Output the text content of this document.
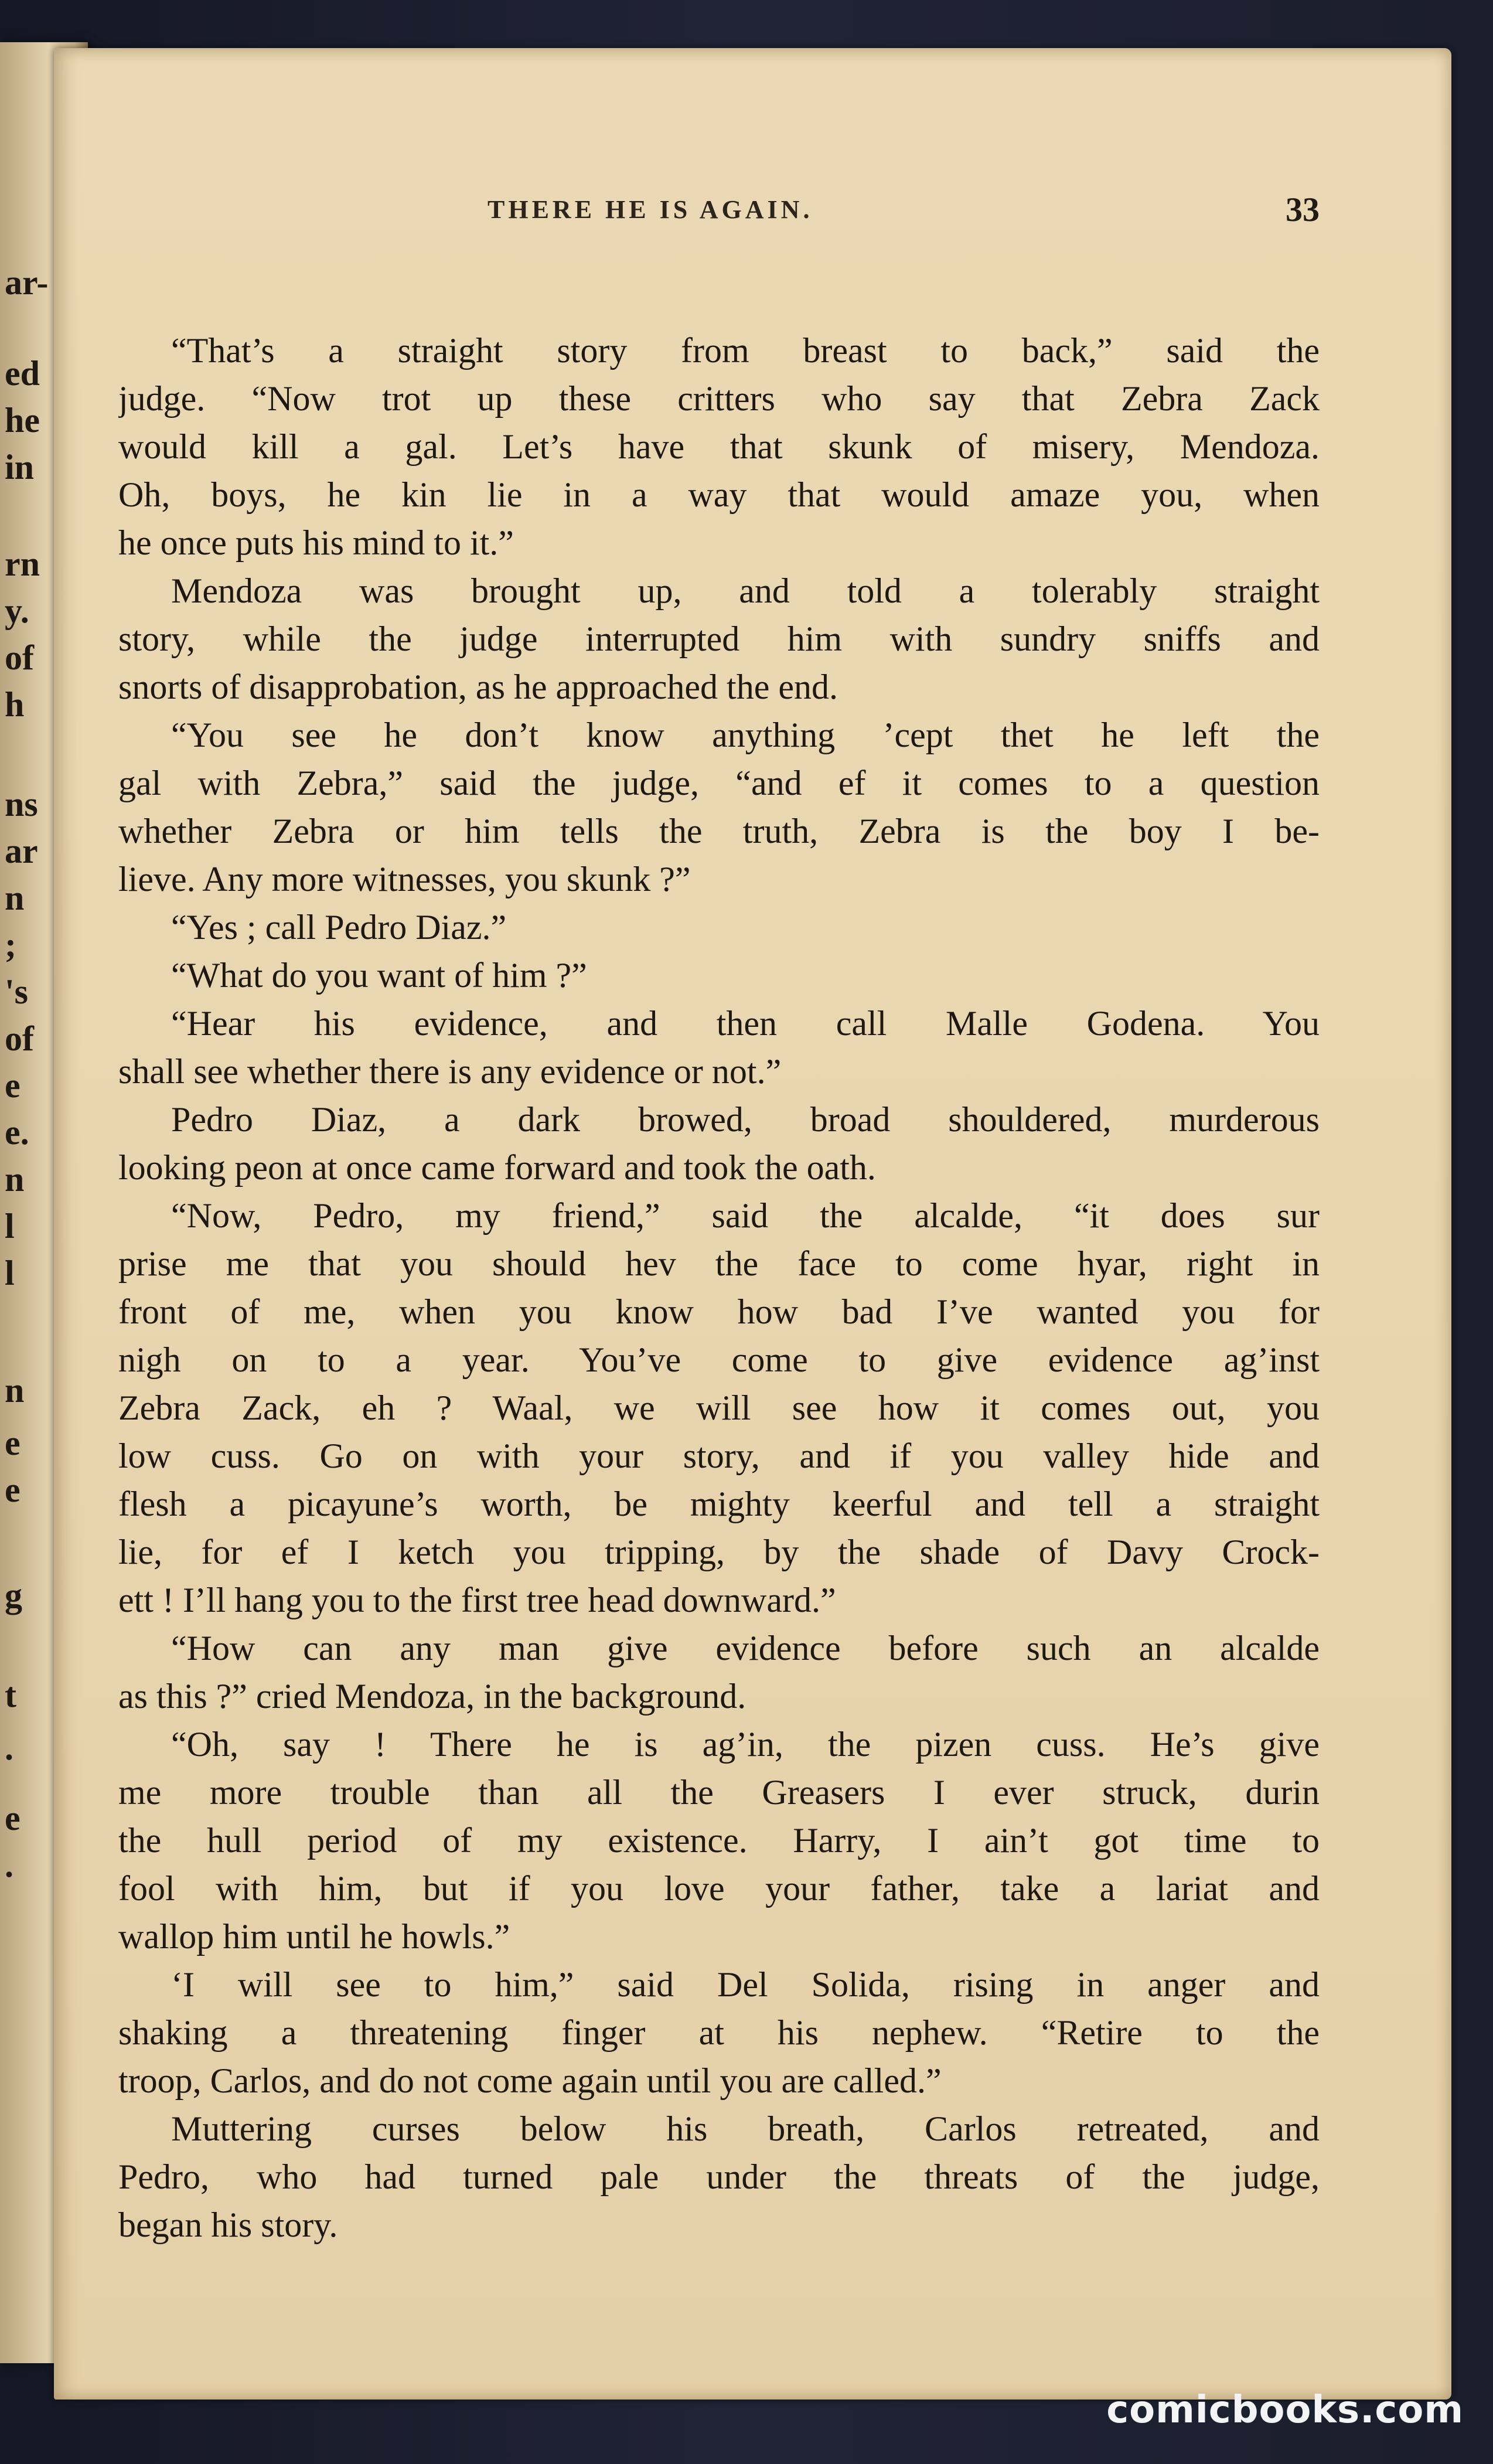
ar-
ed
he
in
rn
y.
of
h
ns
ar
n
;
's
of
e
e.
n
l
l
n
e
e
g
t
.
e
.
THERE HE IS AGAIN.	33
“That’s a straight story from breast to back,” said the
judge. “Now trot up these critters who say that Zebra Zack
would kill a gal. Let’s have that skunk of misery, Mendoza.
Oh, boys, he kin lie in a way that would amaze you, when
he once puts his mind to it.”
Mendoza was brought up, and told a tolerably straight
story, while the judge interrupted him with sundry sniffs and
snorts of disapprobation, as he approached the end.
“You see he don’t know anything ’cept thet he left the
gal with Zebra,” said the judge, “and ef it comes to a question
whether Zebra or him tells the truth, Zebra is the boy I be-
lieve. Any more witnesses, you skunk ?”
“Yes ; call Pedro Diaz.”
“What do you want of him ?”
“Hear his evidence, and then call Malle Godena. You
shall see whether there is any evidence or not.”
Pedro Diaz, a dark browed, broad shouldered, murderous
looking peon at once came forward and took the oath.
“Now, Pedro, my friend,” said the alcalde, “it does sur
prise me that you should hev the face to come hyar, right in
front of me, when you know how bad I’ve wanted you for
nigh on to a year. You’ve come to give evidence ag’inst
Zebra Zack, eh ? Waal, we will see how it comes out, you
low cuss. Go on with your story, and if you valley hide and
flesh a picayune’s worth, be mighty keerful and tell a straight
lie, for ef I ketch you tripping, by the shade of Davy Crock-
ett ! I’ll hang you to the first tree head downward.”
“How can any man give evidence before such an alcalde
as this ?” cried Mendoza, in the background.
“Oh, say ! There he is ag’in, the pizen cuss. He’s give
me more trouble than all the Greasers I ever struck, durin
the hull period of my existence. Harry, I ain’t got time to
fool with him, but if you love your father, take a lariat and
wallop him until he howls.”
‘I will see to him,” said Del Solida, rising in anger and
shaking a threatening finger at his nephew. “Retire to the
troop, Carlos, and do not come again until you are called.”
Muttering curses below his breath, Carlos retreated, and
Pedro, who had turned pale under the threats of the judge,
began his story.
comicbooks.com
